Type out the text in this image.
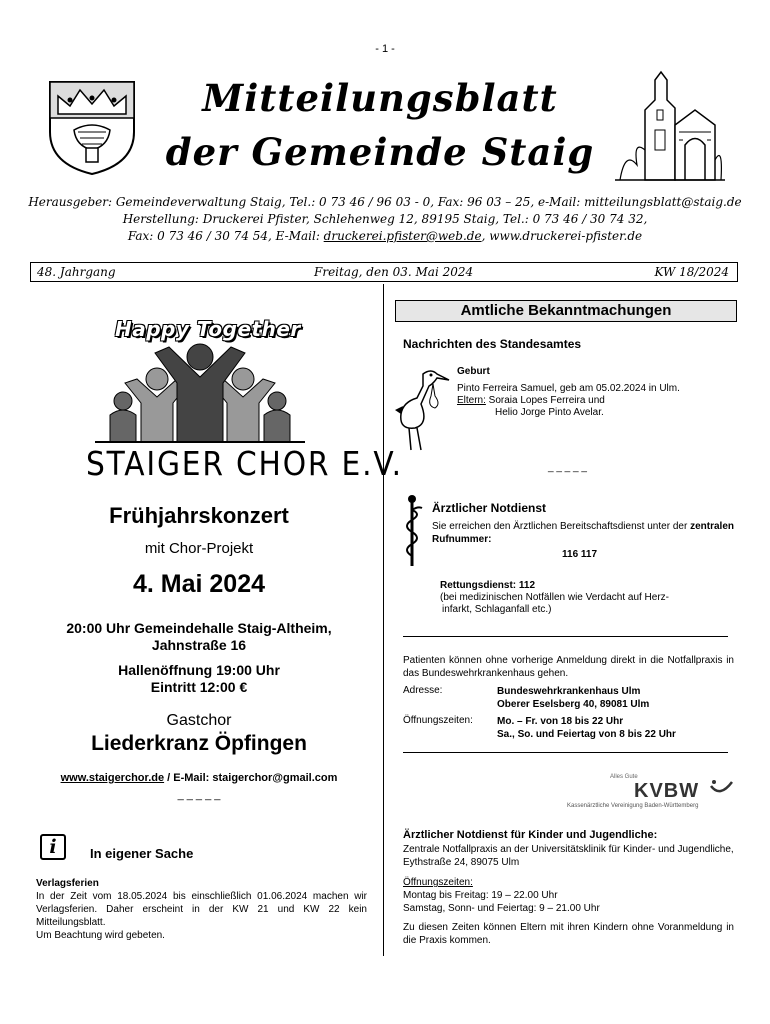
- 1 -
Mitteilungsblatt
der Gemeinde Staig
Herausgeber: Gemeindeverwaltung Staig, Tel.: 0 73 46 / 96 03 - 0, Fax: 96 03 – 25, e-Mail: mitteilungsblatt@staig.de
Herstellung: Druckerei Pfister, Schlehenweg 12, 89195 Staig, Tel.: 0 73 46 / 30 74 32,
Fax: 0 73 46 / 30 74 54, E-Mail: druckerei.pfister@web.de, www.druckerei-pfister.de
48. Jahrgang	Freitag, den 03. Mai 2024	KW 18/2024
Happy Together
STAIGER CHOR E.V.
Frühjahrskonzert
mit Chor-Projekt
4. Mai 2024
20:00 Uhr Gemeindehalle Staig-Altheim,
Jahnstraße 16
Hallenöffnung 19:00 Uhr
Eintritt 12:00 €
Gastchor
Liederkranz Öpfingen
www.staigerchor.de / E-Mail: staigerchor@gmail.com
_ _ _ _ _
i	In eigener Sache
Verlagsferien
In der Zeit vom 18.05.2024 bis einschließlich 01.06.2024 machen wir Verlagsferien. Daher erscheint in der KW 21 und KW 22 kein Mitteilungsblatt.
Um Beachtung wird gebeten.
Amtliche Bekanntmachungen
Nachrichten des Standesamtes
Geburt
Pinto Ferreira Samuel, geb am 05.02.2024 in Ulm.
Eltern: Soraia Lopes Ferreira und
Helio Jorge Pinto Avelar.
_ _ _ _ _
Ärztlicher Notdienst
Sie erreichen den Ärztlichen Bereitschaftsdienst unter der zentralen Rufnummer:
116 117
Rettungsdienst: 112
(bei medizinischen Notfällen wie Verdacht auf Herz-
infarkt, Schlaganfall etc.)
Patienten können ohne vorherige Anmeldung direkt in die Notfallpraxis in das Bundeswehrkrankenhaus gehen.
Adresse:	Bundeswehrkrankenhaus Ulm
Oberer Eselsberg 40, 89081 Ulm
Öffnungszeiten: Mo. – Fr. von 18 bis 22 Uhr
Sa., So. und Feiertag von 8 bis 22 Uhr
Alles Gute
KVBW
Kassenärztliche Vereinigung Baden-Württemberg
Ärztlicher Notdienst für Kinder und Jugendliche:
Zentrale Notfallpraxis an der Universitätsklinik für Kinder- und Jugendliche, Eythstraße 24, 89075 Ulm
Öffnungszeiten:
Montag bis Freitag: 19 – 22.00 Uhr
Samstag, Sonn- und Feiertag: 9 – 21.00 Uhr
Zu diesen Zeiten können Eltern mit ihren Kindern ohne Voranmeldung in die Praxis kommen.
